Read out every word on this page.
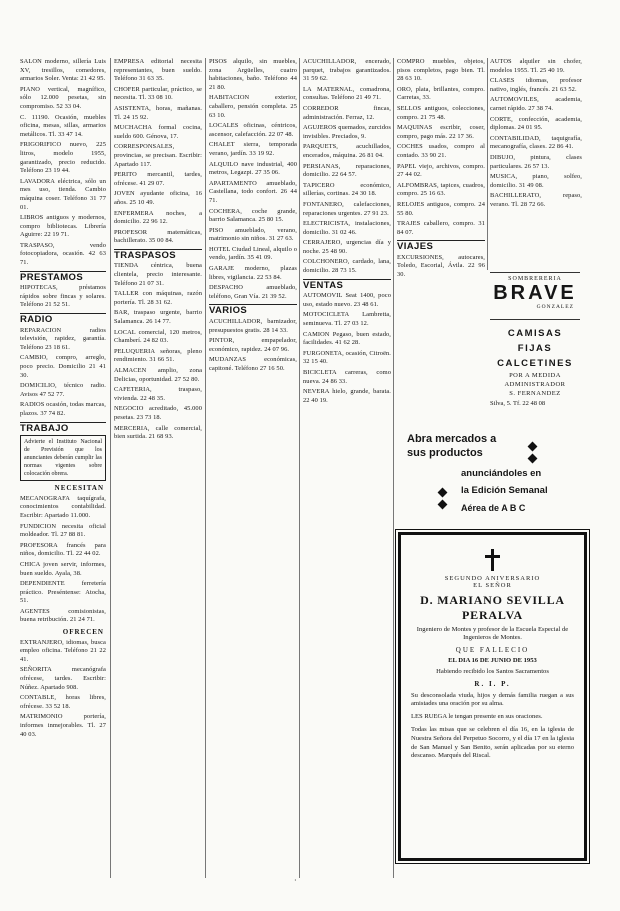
SALON moderno, sillería Luis XV, tresillos, comedores, armarios Soler. Venta: 21 42 95.
PIANO vertical, magnífico, sólo 12.000 pesetas, sin compromiso. 52 33 04.
C. 11190. Ocasión, muebles oficina, mesas, sillas, armarios metálicos. Tl. 33 47 14.
FRIGORIFICO nuevo, 225 litros, modelo 1955, garantizado, precio reducido. Teléfono 23 19 44.
LAVADORA eléctrica, sólo un mes uso, tienda. Cambio máquina coser. Teléfono 31 77 01.
LIBROS antiguos y modernos, compro bibliotecas. Librería Aguirre: 22 19 71.
TRASPASO, vendo fotocopiadora, ocasión. 42 63 71.
PRESTAMOS
HIPOTECAS, préstamos rápidos sobre fincas y solares. Teléfono 21 52 51.
RADIO
REPARACION radios televisión, rapidez, garantía. Teléfono 23 18 61.
CAMBIO, compro, arreglo, poco precio. Domicilio 21 41 30.
DOMICILIO, técnico radio. Avisos 47 52 77.
RADIOS ocasión, todas marcas, plazos. 37 74 82.
TRABAJO
Advierte el Instituto Nacional de Previsión que los anunciantes deberán cumplir las normas vigentes sobre colocación obrera.
NECESITAN
MECANOGRAFA taquígrafa, conocimientos contabilidad. Escribir: Apartado 11.000.
FUNDICION necesita oficial moldeador. Tl. 27 88 81.
PROFESORA francés para niños, domicilio. Tl. 22 44 02.
CHICA joven servir, informes, buen sueldo. Ayala, 38.
DEPENDIENTE ferretería práctico. Preséntense: Atocha, 51.
AGENTES comisionistas, buena retribución. 21 24 71.
OFRECEN
EXTRANJERO, idiomas, busca empleo oficina. Teléfono 21 22 41.
SEÑORITA mecanógrafa ofrécese, tardes. Escribir: Núñez. Apartado 908.
CONTABLE, horas libres, ofrécese. 33 52 18.
MATRIMONIO portería, informes inmejorables. Tl. 27 40 03.
EMPRESA editorial necesita representantes, buen sueldo. Teléfono 31 63 35.
CHOFER particular, práctico, se necesita. Tl. 33 08 10.
ASISTENTA, horas, mañanas. Tl. 24 15 92.
MUCHACHA formal cocina, sueldo 600. Génova, 17.
CORRESPONSALES, provincias, se precisan. Escribir: Apartado 117.
PERITO mercantil, tardes, ofrécese. 41 29 07.
JOVEN ayudante oficina, 16 años. 25 10 49.
ENFERMERA noches, a domicilio. 22 96 12.
PROFESOR matemáticas, bachillerato. 35 00 84.
TRASPASOS
TIENDA céntrica, buena clientela, precio interesante. Teléfono 21 07 31.
TALLER con máquinas, razón portería. Tl. 28 31 62.
BAR, traspaso urgente, barrio Salamanca. 26 14 77.
LOCAL comercial, 120 metros, Chamberí. 24 82 03.
PELUQUERIA señoras, pleno rendimiento. 31 66 51.
ALMACEN amplio, zona Delicias, oportunidad. 27 52 80.
CAFETERIA, traspaso, vivienda. 22 48 35.
NEGOCIO acreditado, 45.000 pesetas. 23 73 18.
MERCERIA, calle comercial, bien surtida. 21 68 93.
PISOS alquilo, sin muebles, zona Argüelles, cuatro habitaciones, baño. Teléfono 44 21 80.
HABITACION exterior, caballero, pensión completa. 25 63 10.
LOCALES oficinas, céntricos, ascensor, calefacción. 22 07 48.
CHALET sierra, temporada verano, jardín. 33 19 92.
ALQUILO nave industrial, 400 metros, Legazpi. 27 35 06.
APARTAMENTO amueblado, Castellana, todo confort. 26 44 71.
COCHERA, coche grande, barrio Salamanca. 25 80 15.
PISO amueblado, verano, matrimonio sin niños. 31 27 63.
HOTEL Ciudad Lineal, alquilo o vendo, jardín. 35 41 09.
GARAJE moderno, plazas libres, vigilancia. 22 53 84.
DESPACHO amueblado, teléfono, Gran Vía. 21 39 52.
VARIOS
ACUCHILLADOR, barnizador, presupuestos gratis. 28 14 33.
PINTOR, empapelador, económico, rapidez. 24 07 96.
MUDANZAS económicas, capitoné. Teléfono 27 16 50.
ACUCHILLADOR, encerado, parquet, trabajos garantizados. 31 59 62.
LA MATERNAL, comadrona, consultas. Teléfono 21 49 71.
CORREDOR fincas, administración. Ferraz, 12.
AGUJEROS quemados, zurcidos invisibles. Preciados, 9.
PARQUETS, acuchillados, encerados, máquina. 26 81 04.
PERSIANAS, reparaciones, domicilio. 22 64 57.
TAPICERO económico, sillerías, cortinas. 24 30 18.
FONTANERO, calefacciones, reparaciones urgentes. 27 91 23.
ELECTRICISTA, instalaciones, domicilio. 31 02 46.
CERRAJERO, urgencias día y noche. 25 48 90.
COLCHONERO, cardado, lana, domicilio. 28 73 15.
VENTAS
AUTOMOVIL Seat 1400, poco uso, estado nuevo. 23 48 61.
MOTOCICLETA Lambretta, seminueva. Tl. 27 03 12.
CAMION Pegaso, buen estado, facilidades. 41 62 28.
FURGONETA, ocasión, Citroën. 32 15 40.
BICICLETA carreras, como nueva. 24 86 33.
NEVERA hielo, grande, barata. 22 40 19.
COMPRO muebles, objetos, pisos completos, pago bien. Tl. 28 63 10.
ORO, plata, brillantes, compro. Carretas, 33.
SELLOS antiguos, colecciones, compro. 21 75 48.
MAQUINAS escribir, coser, compro, pago más. 22 17 36.
COCHES usados, compro al contado. 33 90 21.
PAPEL viejo, archivos, compro. 27 44 02.
ALFOMBRAS, tapices, cuadros, compro. 25 16 63.
RELOJES antiguos, compro. 24 55 80.
TRAJES caballero, compro. 31 84 07.
VIAJES
EXCURSIONES, autocares, Toledo, Escorial, Ávila. 22 96 30.
AUTOS alquiler sin chofer, modelos 1955. Tl. 25 40 19.
CLASES idiomas, profesor nativo, inglés, francés. 21 63 52.
AUTOMOVILES, academia, carnet rápido. 27 38 74.
CORTE, confección, academia, diplomas. 24 01 95.
CONTABILIDAD, taquigrafía, mecanografía, clases. 22 86 41.
DIBUJO, pintura, clases particulares. 26 57 13.
MUSICA, piano, solfeo, domicilio. 31 49 08.
BACHILLERATO, repaso, verano. Tl. 28 72 66.
SOMBRERERIA
BRAVE
GONZALEZ
CAMISAS
FIJAS
CALCETINES
POR A MEDIDA
ADMINISTRADOR
S. FERNANDEZ
Silva, 5. Tf. 22 48 08
Abra mercados a
sus productos
anunciándoles en
la Edición Semanal
Aérea de A B C
SEGUNDO ANIVERSARIO
EL SEÑOR
D. MARIANO SEVILLA
PERALVA
Ingeniero de Montes y profesor de la Escuela Especial de Ingenieros de Montes.
QUE FALLECIO
EL DIA 16 DE JUNIO DE 1953
Habiendo recibido los Santos Sacramentos
R. I. P.
Su desconsolada viuda, hijos y demás familia ruegan a sus amistades una oración por su alma.
LES RUEGA le tengan presente en sus oraciones.
Todas las misas que se celebren el día 16, en la iglesia de Nuestra Señora del Perpetuo Socorro, y el día 17 en la iglesia de San Manuel y San Benito, serán aplicadas por su eterno descanso. Marqués del Riscal.
·
